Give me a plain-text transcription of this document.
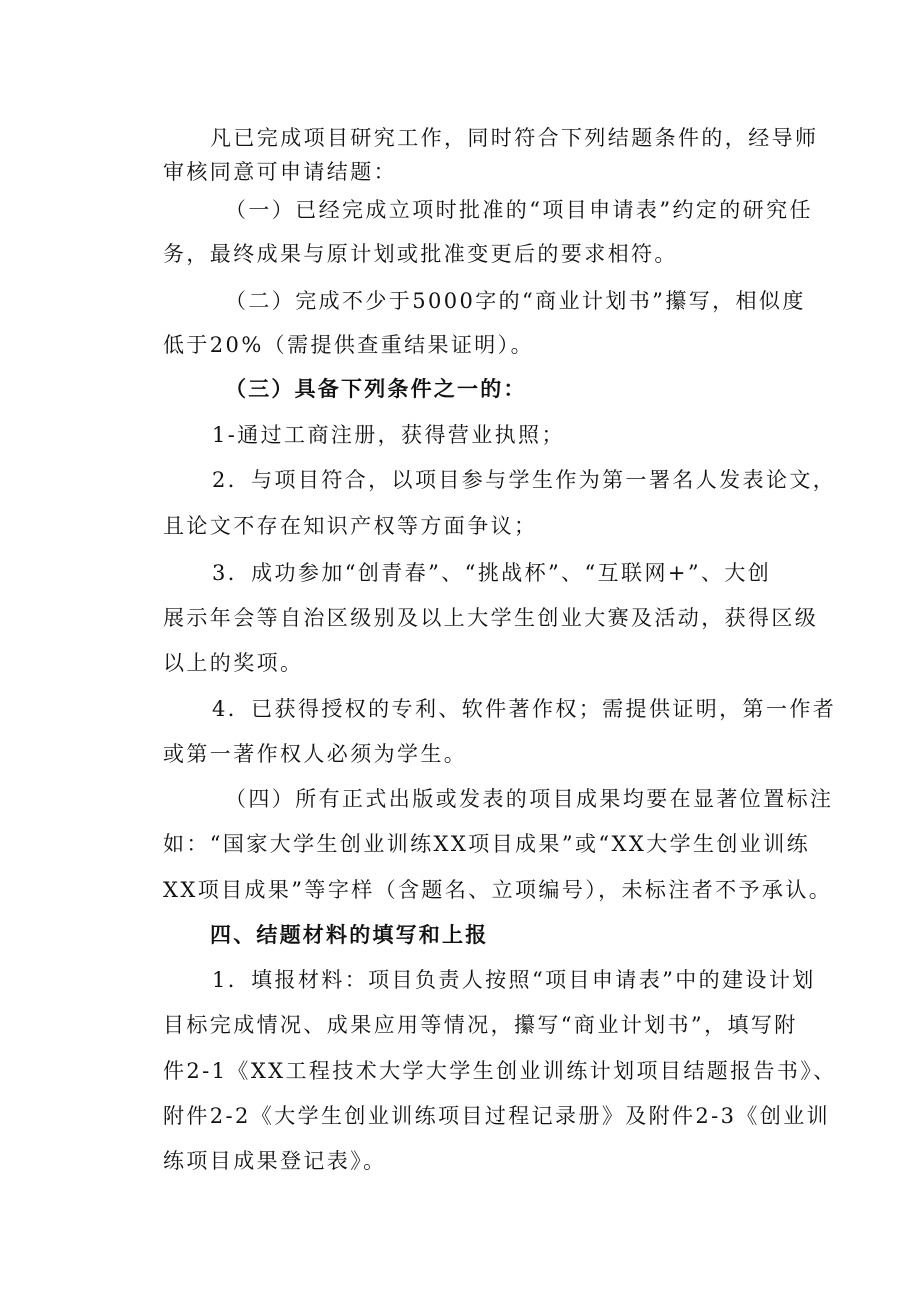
凡已完成项目研究工作，同时符合下列结题条件的，经导师

审核同意可申请结题：

（一）已经完成立项时批准的“项目申请表”约定的研究任

务，最终成果与原计划或批准变更后的要求相符。

（二）完成不少于5000字的“商业计划书”攥写，相似度

低于20%（需提供查重结果证明）。

（三）具备下列条件之一的：

1-通过工商注册，获得营业执照；

2．与项目符合，以项目参与学生作为第一署名人发表论文，

且论文不存在知识产权等方面争议；

3．成功参加“创青春”、“挑战杯”、“互联网+”、大创

展示年会等自治区级别及以上大学生创业大赛及活动，获得区级

以上的奖项。

4．已获得授权的专利、软件著作权；需提供证明，第一作者

或第一著作权人必须为学生。

（四）所有正式出版或发表的项目成果均要在显著位置标注

如：“国家大学生创业训练XX项目成果”或“XX大学生创业训练

XX项目成果”等字样（含题名、立项编号），未标注者不予承认。

四、结题材料的填写和上报

1．填报材料：项目负责人按照“项目申请表”中的建设计划

目标完成情况、成果应用等情况，攥写“商业计划书”，填写附

件2-1《XX工程技术大学大学生创业训练计划项目结题报告书》、

附件2-2《大学生创业训练项目过程记录册》及附件2-3《创业训

练项目成果登记表》。
